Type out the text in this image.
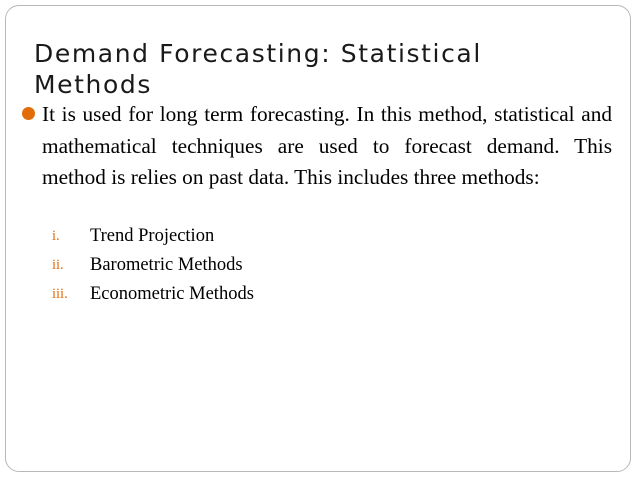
Demand Forecasting: Statistical Methods

It is used for long term forecasting. In this method, statistical and mathematical techniques are used to forecast demand. This method is relies on past data. This includes three methods:

i. Trend Projection
ii. Barometric Methods
iii. Econometric Methods
